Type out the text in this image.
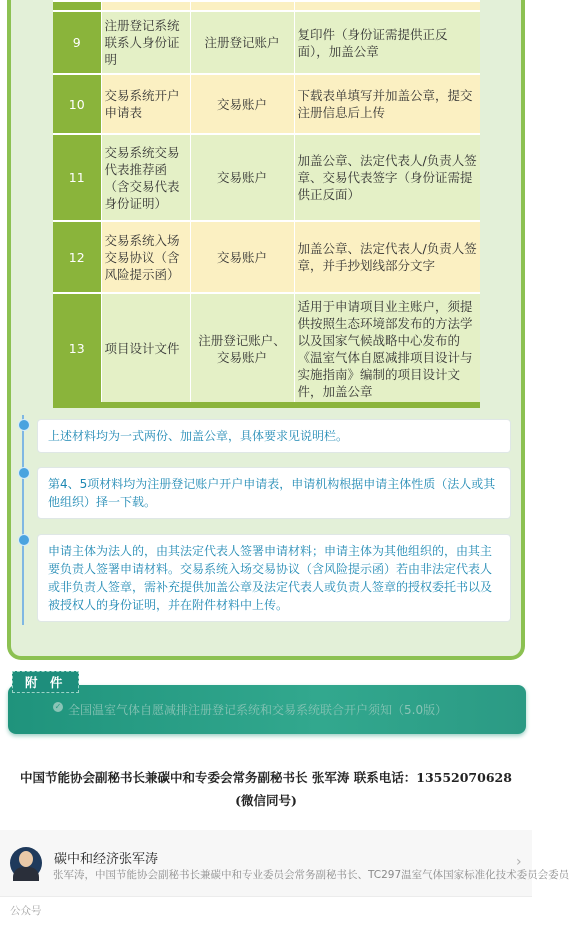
9	注册登记系统联系人身份证明	注册登记账户	复印件（身份证需提供正反面），加盖公章
10	交易系统开户申请表	交易账户	下载表单填写并加盖公章，提交注册信息后上传
11	交易系统交易代表推荐函（含交易代表身份证明）	交易账户	加盖公章、法定代表人/负责人签章、交易代表签字（身份证需提供正反面）
12	交易系统入场交易协议（含风险提示函）	交易账户	加盖公章、法定代表人/负责人签章，并手抄划线部分文字
13	项目设计文件	注册登记账户、交易账户	适用于申请项目业主账户，须提供按照生态环境部发布的方法学以及国家气候战略中心发布的《温室气体自愿减排项目设计与实施指南》编制的项目设计文件，加盖公章
上述材料均为一式两份、加盖公章，具体要求见说明栏。
第4、5项材料均为注册登记账户开户申请表，申请机构根据申请主体性质（法人或其他组织）择一下载。
申请主体为法人的，由其法定代表人签署申请材料；申请主体为其他组织的，由其主要负责人签署申请材料。交易系统入场交易协议（含风险提示函）若由非法定代表人或非负责人签章，需补充提供加盖公章及法定代表人或负责人签章的授权委托书以及被授权人的身份证明，并在附件材料中上传。
✓ 全国温室气体自愿减排注册登记系统和交易系统联合开户须知（5.0版）
附 件
中国节能协会副秘书长兼碳中和专委会常务副秘书长 张军涛 联系电话：13552070628
(微信同号)
碳中和经济张军涛
张军涛，中国节能协会副秘书长兼碳中和专业委员会常务副秘书长、TC297温室气体国家标准化技术委员会委员
›
公众号
